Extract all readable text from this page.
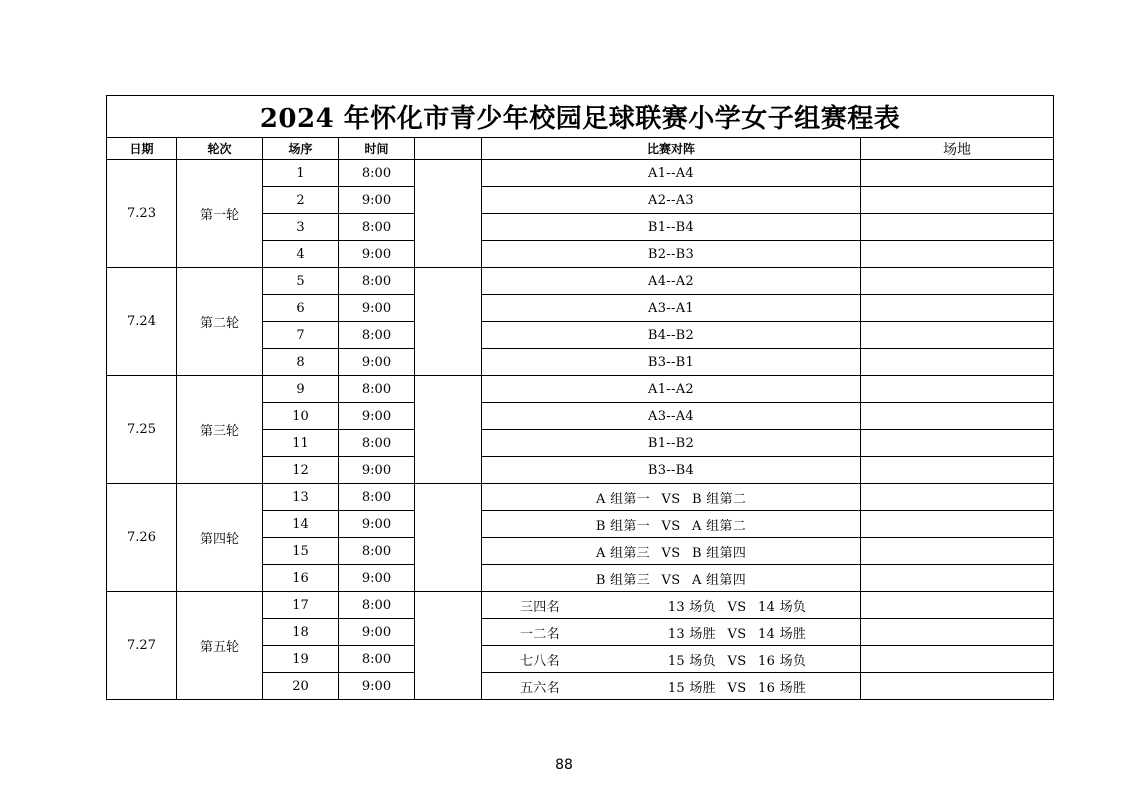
2024 年怀化市青少年校园足球联赛小学女子组赛程表						
日期	轮次	场序	时间		比赛对阵	场地
7.23	第一轮	1	8:00		A1--A4	
		2	9:00		A2--A3	
		3	8:00		B1--B4	
		4	9:00		B2--B3	
7.24	第二轮	5	8:00		A4--A2	
		6	9:00		A3--A1	
		7	8:00		B4--B2	
		8	9:00		B3--B1	
7.25	第三轮	9	8:00		A1--A2	
		10	9:00		A3--A4	
		11	8:00		B1--B2	
		12	9:00		B3--B4	
7.26	第四轮	13	8:00		A 组第一 VS B 组第二	
		14	9:00		B 组第一 VS A 组第二	
		15	8:00		A 组第三 VS B 组第四	
		16	9:00		B 组第三 VS A 组第四	
7.27	第五轮	17	8:00		三四名 13 场负 VS 14 场负	
		18	9:00		一二名 13 场胜 VS 14 场胜	
		19	8:00		七八名 15 场负 VS 16 场负	
		20	9:00		五六名 15 场胜 VS 16 场胜	
88
